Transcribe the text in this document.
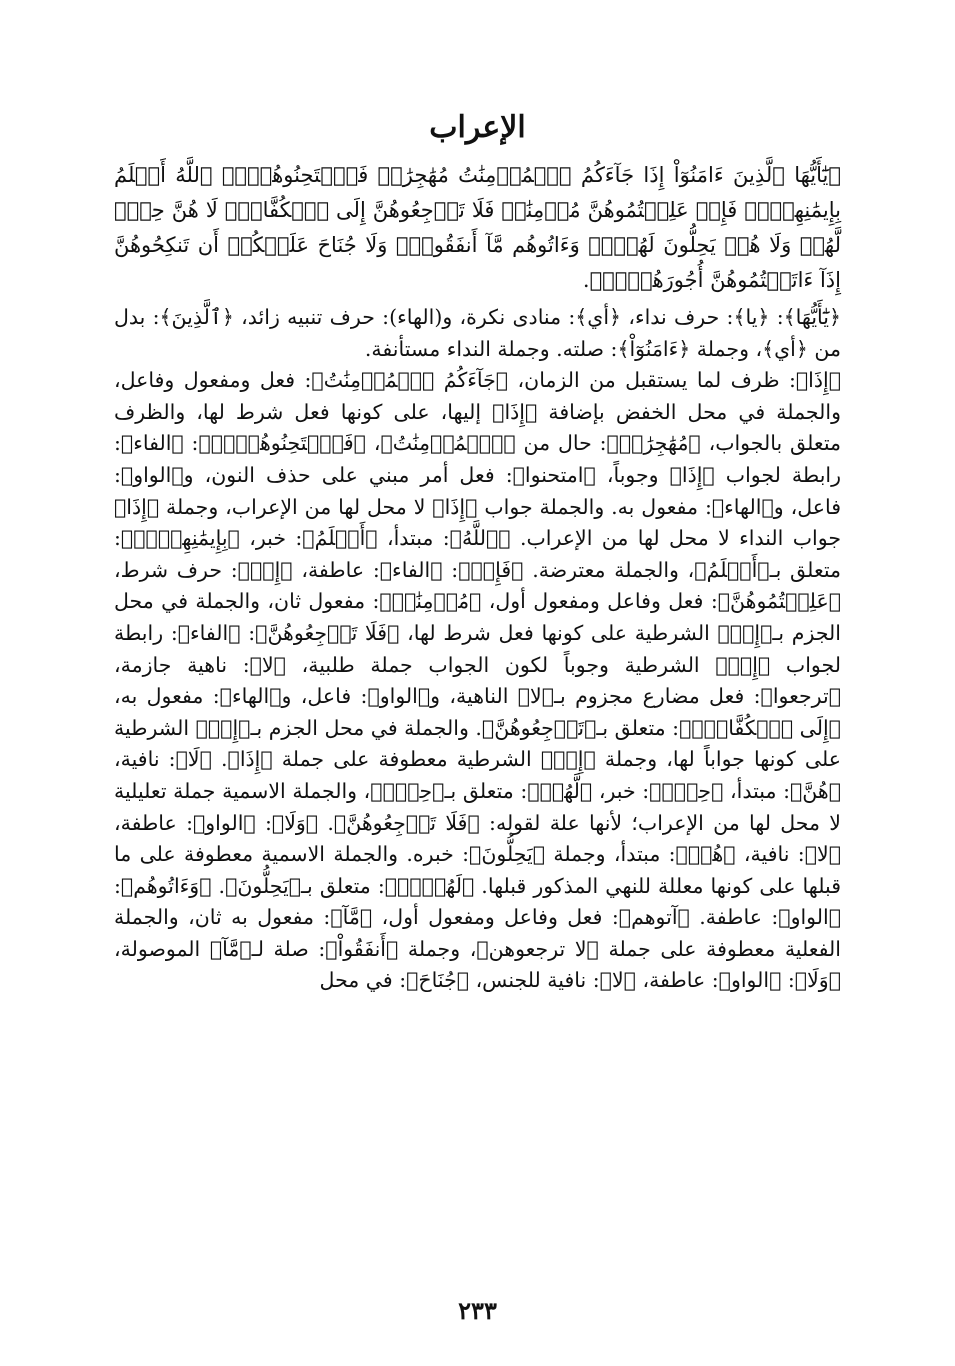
الإعراب

﴿يَٰٓأَيُّهَا ٱلَّذِينَ ءَامَنُوٓاْ إِذَا جَآءَكُمُ ٱلۡمُؤۡمِنَٰتُ مُهَٰجِرَٰتٖ فَٱمۡتَحِنُوهُنَّۖ ٱللَّهُ أَعۡلَمُ بِإِيمَٰنِهِنَّۖ فَإِنۡ عَلِمۡتُمُوهُنَّ مُؤۡمِنَٰتٖ فَلَا تَرۡجِعُوهُنَّ إِلَى ٱلۡكُفَّارِۖ لَا هُنَّ حِلّٞ لَّهُمۡ وَلَا هُمۡ يَحِلُّونَ لَهُنَّۖ وَءَاتُوهُم مَّآ أَنفَقُواْۚ وَلَا جُنَاحَ عَلَيۡكُمۡ أَن تَنكِحُوهُنَّ إِذَآ ءَاتَيۡتُمُوهُنَّ أُجُورَهُنَّۚ﴾.

﴿يَٰٓأَيُّهَا﴾: ﴿يا﴾: حرف نداء، ﴿أي﴾: منادى نكرة، و(الهاء): حرف تنبيه زائد، ﴿ٱلَّذِينَ﴾: بدل من ﴿أي﴾، وجملة ﴿ءَامَنُوٓاْ﴾: صلته. وجملة النداء مستأنفة.

﴿إِذَا﴾: ظرف لما يستقبل من الزمان، ﴿جَآءَكُمُ ٱلۡمُؤۡمِنَٰتُ﴾: فعل ومفعول وفاعل، والجملة في محل الخفض بإضافة ﴿إِذَا﴾ إليها، على كونها فعل شرط لها، والظرف متعلق بالجواب، ﴿مُهَٰجِرَٰتٖ﴾: حال من ﴿ٱلۡمُؤۡمِنَٰتُ﴾، ﴿فَٱمۡتَحِنُوهُنَّۖ﴾: ﴿الفاء﴾: رابطة لجواب ﴿إِذَا﴾ وجوباً، ﴿امتحنوا﴾: فعل أمر مبني على حذف النون، و﴿الواو﴾: فاعل، و﴿الهاء﴾: مفعول به. والجملة جواب ﴿إِذَا﴾ لا محل لها من الإعراب، وجملة ﴿إِذَا﴾ جواب النداء لا محل لها من الإعراب. ﴿ٱللَّهُ﴾: مبتدأ، ﴿أَعۡلَمُ﴾: خبر، ﴿بِإِيمَٰنِهِنَّۖ﴾: متعلق بـ﴿أَعۡلَمُ﴾، والجملة معترضة. ﴿فَإِنۡ﴾: ﴿الفاء﴾: عاطفة، ﴿إِنۡ﴾: حرف شرط، ﴿عَلِمۡتُمُوهُنَّ﴾: فعل وفاعل ومفعول أول، ﴿مُؤۡمِنَٰتٖ﴾: مفعول ثان، والجملة في محل الجزم بـ﴿إِنۡ﴾ الشرطية على كونها فعل شرط لها، ﴿فَلَا تَرۡجِعُوهُنَّ﴾: ﴿الفاء﴾: رابطة لجواب ﴿إِنۡ﴾ الشرطية وجوباً لكون الجواب جملة طلبية، ﴿لا﴾: ناهية جازمة، ﴿ترجعوا﴾: فعل مضارع مجزوم بـ﴿لا﴾ الناهية، و﴿الواو﴾: فاعل، و﴿الهاء﴾: مفعول به، ﴿إِلَى ٱلۡكُفَّارِۖ﴾: متعلق بـ﴿تَرۡجِعُوهُنَّ﴾. والجملة في محل الجزم بـ﴿إِنۡ﴾ الشرطية على كونها جواباً لها، وجملة ﴿إِنۡ﴾ الشرطية معطوفة على جملة ﴿إِذَا﴾. ﴿لَا﴾: نافية، ﴿هُنَّ﴾: مبتدأ، ﴿حِلّٞ﴾: خبر، ﴿لَّهُمۡ﴾: متعلق بـ﴿حِلّٞ﴾، والجملة الاسمية جملة تعليلية لا محل لها من الإعراب؛ لأنها علة لقوله: ﴿فَلَا تَرۡجِعُوهُنَّ﴾. ﴿وَلَا﴾: ﴿الواو﴾: عاطفة، ﴿لا﴾: نافية، ﴿هُمۡ﴾: مبتدأ، وجملة ﴿يَحِلُّونَ﴾: خبره. والجملة الاسمية معطوفة على ما قبلها على كونها معللة للنهي المذكور قبلها. ﴿لَهُنَّۖ﴾: متعلق بـ﴿يَحِلُّونَ﴾. ﴿وَءَاتُوهُم﴾: ﴿الواو﴾: عاطفة. ﴿آتوهم﴾: فعل وفاعل ومفعول أول، ﴿مَّآ﴾: مفعول به ثان، والجملة الفعلية معطوفة على جملة ﴿لا ترجعوهن﴾، وجملة ﴿أَنفَقُواْ﴾: صلة لـ﴿مَّآ﴾ الموصولة، ﴿وَلَا﴾: ﴿الواو﴾: عاطفة، ﴿لا﴾: نافية للجنس، ﴿جُنَاحَ﴾: في محل

٢٣٣
